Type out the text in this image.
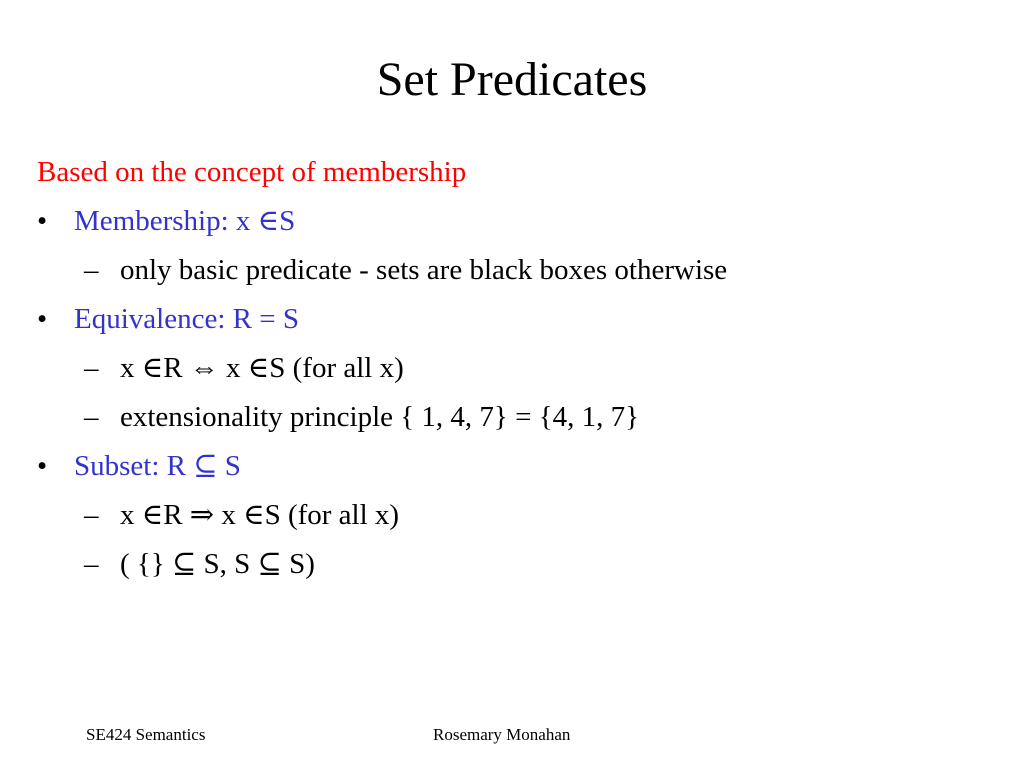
Set Predicates
Based on the concept of membership
• Membership: x ∈S
– only basic predicate - sets are black boxes otherwise
• Equivalence: R = S
– x ∈R ⇔ x ∈S (for all x)
– extensionality principle { 1, 4, 7} = {4, 1, 7}
• Subset: R ⊆ S
– x ∈R ⇒ x ∈S (for all x)
– ( {} ⊆ S, S ⊆ S)
SE424 Semantics	Rosemary Monahan
